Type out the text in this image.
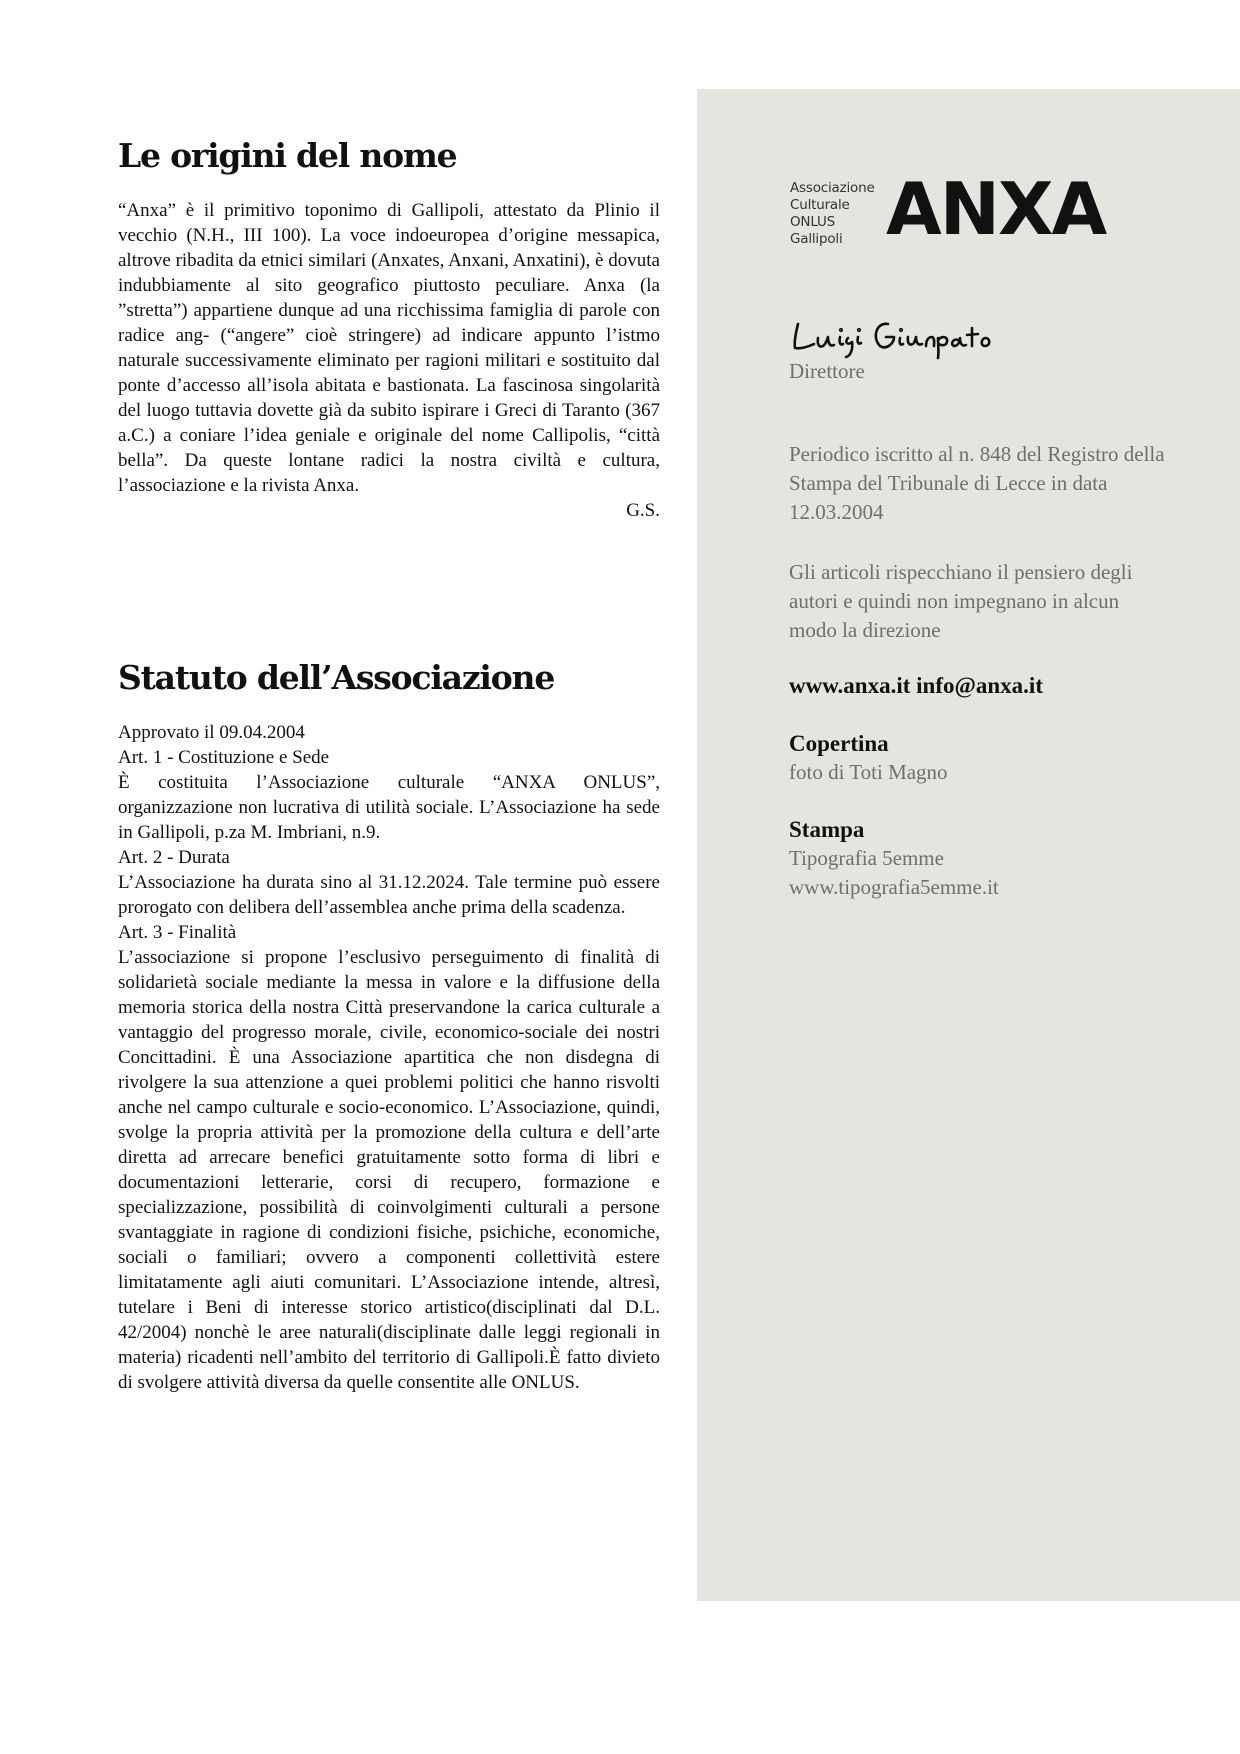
Le origini del nome

“Anxa” è il primitivo toponimo di Gallipoli, attestato da Plinio il vecchio (N.H., III 100). La voce indoeuropea d’origine messapica, altrove ribadita da etnici similari (Anxates, Anxani, Anxatini), è dovuta indubbiamente al sito geografico piuttosto peculiare. Anxa (la ”stretta”) appartiene dunque ad una ricchissima famiglia di parole con radice ang- (“angere” cioè stringere) ad indicare appunto l’istmo naturale successivamente eliminato per ragioni militari e sostituito dal ponte d’accesso all’isola abitata e bastionata. La fascinosa singolarità del luogo tuttavia dovette già da subito ispirare i Greci di Taranto (367 a.C.) a coniare l’idea geniale e originale del nome Callipolis, “città bella”. Da queste lontane radici la nostra civiltà e cultura, l’associazione e la rivista Anxa.

G.S.

Statuto dell’Associazione

Approvato il 09.04.2004

Art. 1 - Costituzione e Sede

È costituita l’Associazione culturale “ANXA ONLUS”, organizzazione non lucrativa di utilità sociale. L’Associazione ha sede in Gallipoli, p.za M. Imbriani, n.9.

Art. 2 - Durata

L’Associazione ha durata sino al 31.12.2024. Tale termine può essere prorogato con delibera dell’assemblea anche prima della scadenza.

Art. 3 - Finalità

L’associazione si propone l’esclusivo perseguimento di finalità di solidarietà sociale mediante la messa in valore e la diffusione della memoria storica della nostra Città preservandone la carica culturale a vantaggio del progresso morale, civile, economico-sociale dei nostri Concittadini. È una Associazione apartitica che non disdegna di rivolgere la sua attenzione a quei problemi politici che hanno risvolti anche nel campo culturale e socio-economico. L’Associazione, quindi, svolge la propria attività per la promozione della cultura e dell’arte diretta ad arrecare benefici gratuitamente sotto forma di libri e documentazioni letterarie, corsi di recupero, formazione e specializzazione, possibilità di coinvolgimenti culturali a persone svantaggiate in ragione di condizioni fisiche, psichiche, economiche, sociali o familiari; ovvero a componenti collettività estere limitatamente agli aiuti comunitari. L’Associazione intende, altresì, tutelare i Beni di interesse storico artistico(disciplinati dal D.L. 42/2004) nonchè le aree naturali(disciplinate dalle leggi regionali in materia) ricadenti nell’ambito del territorio di Gallipoli.È fatto divieto di svolgere attività diversa da quelle consentite alle ONLUS.

Associazione
Culturale
ONLUS
Gallipoli ANXA
Direttore
Periodico iscritto al n. 848 del Registro della Stampa del Tribunale di Lecce in data 12.03.2004
Gli articoli rispecchiano il pensiero degli autori e quindi non impegnano in alcun modo la direzione
www.anxa.it info@anxa.it
Copertina
foto di Toti Magno
Stampa
Tipografia 5emme
www.tipografia5emme.it
